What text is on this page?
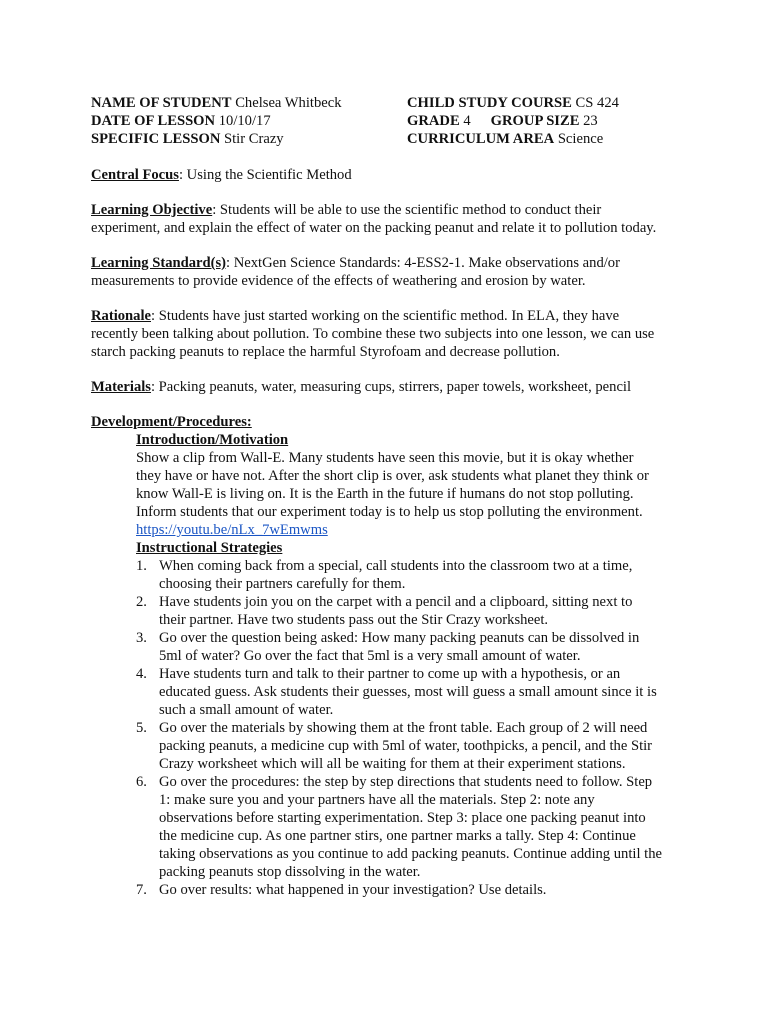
NAME OF STUDENT Chelsea Whitbeck	CHILD STUDY COURSE CS 424
DATE OF LESSON 10/10/17	GRADE 4 GROUP SIZE 23
SPECIFIC LESSON Stir Crazy	CURRICULUM AREA Science

Central Focus: Using the Scientific Method

Learning Objective: Students will be able to use the scientific method to conduct their
experiment, and explain the effect of water on the packing peanut and relate it to pollution today.

Learning Standard(s): NextGen Science Standards: 4-ESS2-1. Make observations and/or
measurements to provide evidence of the effects of weathering and erosion by water.

Rationale: Students have just started working on the scientific method. In ELA, they have
recently been talking about pollution. To combine these two subjects into one lesson, we can use
starch packing peanuts to replace the harmful Styrofoam and decrease pollution.

Materials: Packing peanuts, water, measuring cups, stirrers, paper towels, worksheet, pencil

Development/Procedures:
Introduction/Motivation
Show a clip from Wall-E. Many students have seen this movie, but it is okay whether
they have or have not. After the short clip is over, ask students what planet they think or
know Wall-E is living on. It is the Earth in the future if humans do not stop polluting.
Inform students that our experiment today is to help us stop polluting the environment.
https://youtu.be/nLx_7wEmwms
Instructional Strategies
1. When coming back from a special, call students into the classroom two at a time,
choosing their partners carefully for them.
2. Have students join you on the carpet with a pencil and a clipboard, sitting next to
their partner. Have two students pass out the Stir Crazy worksheet.
3. Go over the question being asked: How many packing peanuts can be dissolved in
5ml of water? Go over the fact that 5ml is a very small amount of water.
4. Have students turn and talk to their partner to come up with a hypothesis, or an
educated guess. Ask students their guesses, most will guess a small amount since it is
such a small amount of water.
5. Go over the materials by showing them at the front table. Each group of 2 will need
packing peanuts, a medicine cup with 5ml of water, toothpicks, a pencil, and the Stir
Crazy worksheet which will all be waiting for them at their experiment stations.
6. Go over the procedures: the step by step directions that students need to follow. Step
1: make sure you and your partners have all the materials. Step 2: note any
observations before starting experimentation. Step 3: place one packing peanut into
the medicine cup. As one partner stirs, one partner marks a tally. Step 4: Continue
taking observations as you continue to add packing peanuts. Continue adding until the
packing peanuts stop dissolving in the water.
7. Go over results: what happened in your investigation? Use details.
